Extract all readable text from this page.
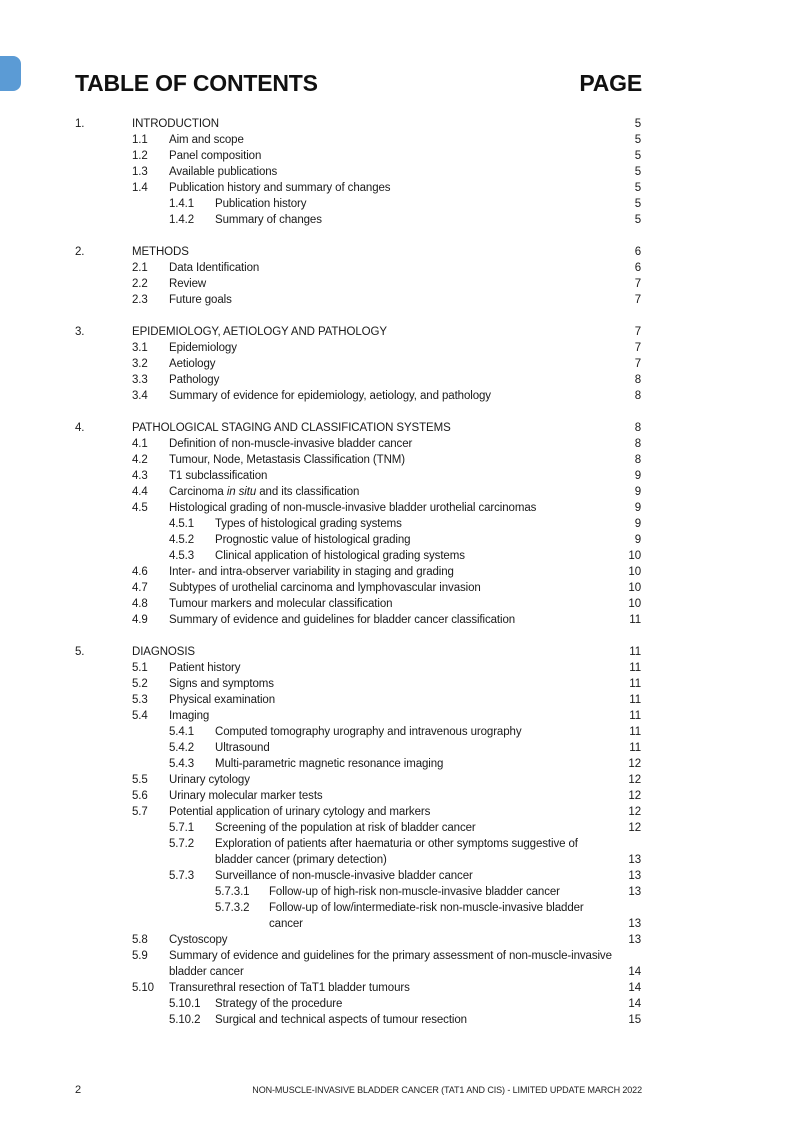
TABLE OF CONTENTS	PAGE
1.	INTRODUCTION	5
1.1 Aim and scope	5
1.2 Panel composition	5
1.3 Available publications	5
1.4 Publication history and summary of changes	5
1.4.1 Publication history	5
1.4.2 Summary of changes	5
2.	METHODS	6
2.1 Data Identification	6
2.2 Review	7
2.3 Future goals	7
3.	EPIDEMIOLOGY, AETIOLOGY AND PATHOLOGY	7
3.1 Epidemiology	7
3.2 Aetiology	7
3.3 Pathology	8
3.4 Summary of evidence for epidemiology, aetiology, and pathology	8
4.	PATHOLOGICAL STAGING AND CLASSIFICATION SYSTEMS	8
4.1 Definition of non-muscle-invasive bladder cancer	8
4.2 Tumour, Node, Metastasis Classification (TNM)	8
4.3 T1 subclassification	9
4.4 Carcinoma in situ and its classification	9
4.5 Histological grading of non-muscle-invasive bladder urothelial carcinomas	9
4.5.1 Types of histological grading systems	9
4.5.2 Prognostic value of histological grading	9
4.5.3 Clinical application of histological grading systems	10
4.6 Inter- and intra-observer variability in staging and grading	10
4.7 Subtypes of urothelial carcinoma and lymphovascular invasion	10
4.8 Tumour markers and molecular classification	10
4.9 Summary of evidence and guidelines for bladder cancer classification	11
5.	DIAGNOSIS	11
5.1 Patient history	11
5.2 Signs and symptoms	11
5.3 Physical examination	11
5.4 Imaging	11
5.4.1 Computed tomography urography and intravenous urography	11
5.4.2 Ultrasound	11
5.4.3 Multi-parametric magnetic resonance imaging	12
5.5 Urinary cytology	12
5.6 Urinary molecular marker tests	12
5.7 Potential application of urinary cytology and markers	12
5.7.1 Screening of the population at risk of bladder cancer	12
5.7.2 Exploration of patients after haematuria or other symptoms suggestive of bladder cancer (primary detection)	13
5.7.3 Surveillance of non-muscle-invasive bladder cancer	13
5.7.3.1 Follow-up of high-risk non-muscle-invasive bladder cancer	13
5.7.3.2 Follow-up of low/intermediate-risk non-muscle-invasive bladder cancer	13
5.8 Cystoscopy	13
5.9 Summary of evidence and guidelines for the primary assessment of non-muscle-invasive bladder cancer	14
5.10 Transurethral resection of TaT1 bladder tumours	14
5.10.1 Strategy of the procedure	14
5.10.2 Surgical and technical aspects of tumour resection	15
2	NON-MUSCLE-INVASIVE BLADDER CANCER (TAT1 AND CIS) - LIMITED UPDATE MARCH 2022
